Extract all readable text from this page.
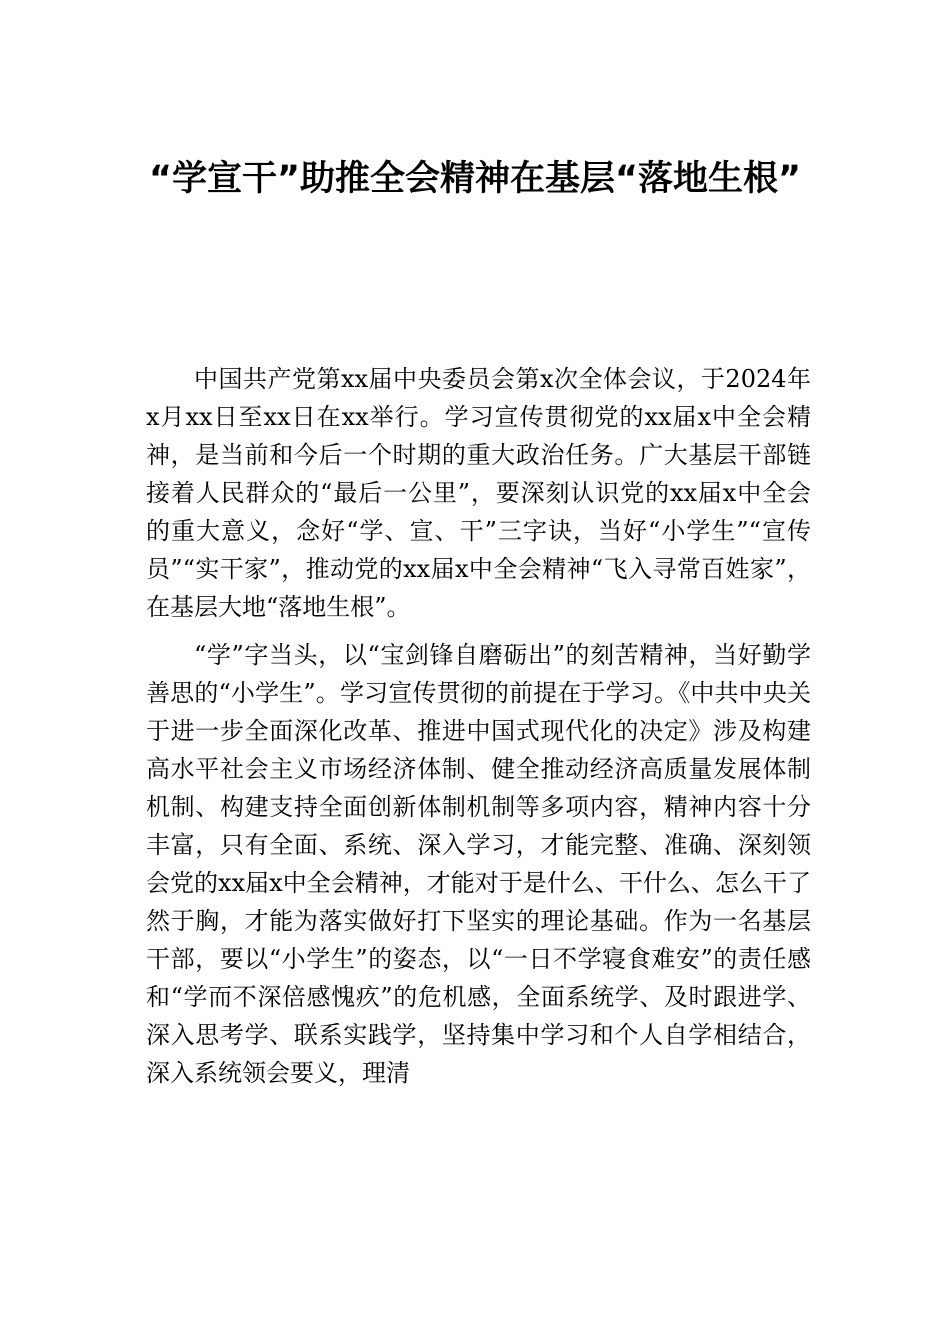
“学宣干”助推全会精神在基层“落地生根”

中国共产党第xx届中央委员会第x次全体会议，于2024年x月xx日至xx日在xx举行。学习宣传贯彻党的xx届x中全会精神，是当前和今后一个时期的重大政治任务。广大基层干部链接着人民群众的“最后一公里”，要深刻认识党的xx届x中全会的重大意义，念好“学、宣、干”三字诀，当好“小学生”“宣传员”“实干家”，推动党的xx届x中全会精神“飞入寻常百姓家”，在基层大地“落地生根”。

“学”字当头，以“宝剑锋自磨砺出”的刻苦精神，当好勤学善思的“小学生”。学习宣传贯彻的前提在于学习。《中共中央关于进一步全面深化改革、推进中国式现代化的决定》涉及构建高水平社会主义市场经济体制、健全推动经济高质量发展体制机制、构建支持全面创新体制机制等多项内容，精神内容十分丰富，只有全面、系统、深入学习，才能完整、准确、深刻领会党的xx届x中全会精神，才能对于是什么、干什么、怎么干了然于胸，才能为落实做好打下坚实的理论基础。作为一名基层干部，要以“小学生”的姿态，以“一日不学寝食难安”的责任感和“学而不深倍感愧疚”的危机感，全面系统学、及时跟进学、深入思考学、联系实践学，坚持集中学习和个人自学相结合，深入系统领会要义，理清
